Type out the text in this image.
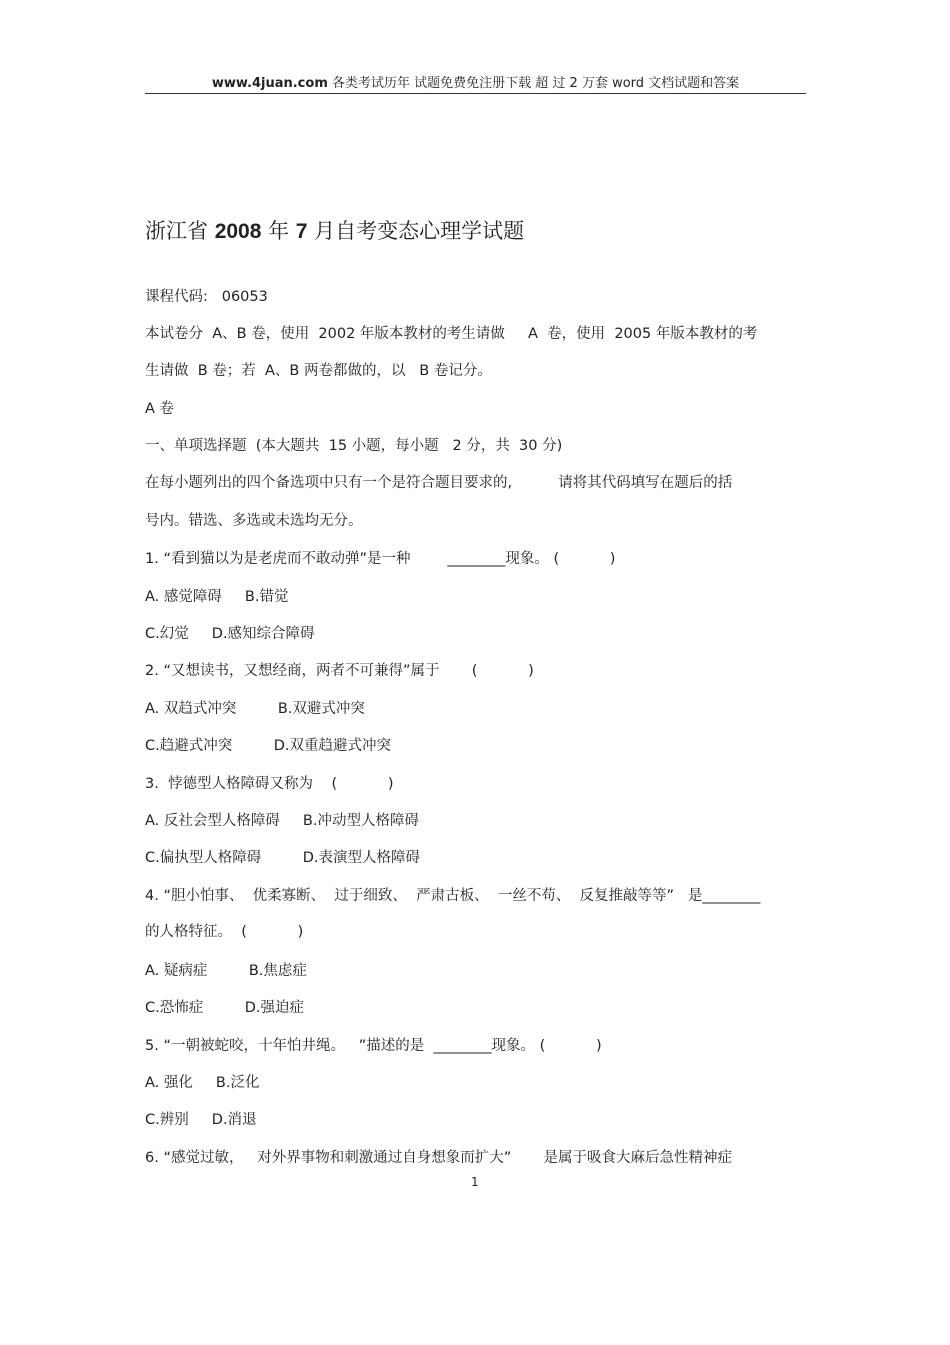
www.4juan.com 各类考试历年 试题免费免注册下载 超 过 2 万套 word 文档试题和答案
浙江省 2008 年 7 月自考变态心理学试题
课程代码:   06053
本试卷分  A、B 卷，使用  2002 年版本教材的考生请做     A  卷，使用  2005 年版本教材的考
生请做  B 卷；若  A、B 两卷都做的，以   B 卷记分。
A 卷
一、单项选择题  (本大题共  15 小题，每小题   2 分，共  30 分)
在每小题列出的四个备选项中只有一个是符合题目要求的,          请将其代码填写在题后的括
号内。错选、多选或未选均无分。
1. “看到猫以为是老虎而不敢动弹”是一种        ________现象。 (           )
A. 感觉障碍     B.错觉
C.幻觉     D.感知综合障碍
2. “又想读书，又想经商，两者不可兼得”属于       (           )
A. 双趋式冲突         B.双避式冲突
C.趋避式冲突         D.双重趋避式冲突
3.  悖德型人格障碍又称为    (           )
A. 反社会型人格障碍     B.冲动型人格障碍
C.偏执型人格障碍         D.表演型人格障碍
4. “胆小怕事、  优柔寡断、  过于细致、  严肃古板、  一丝不苟、  反复推敲等等”   是________
的人格特征。  (           )
A. 疑病症         B.焦虑症
C.恐怖症         D.强迫症
5. “一朝被蛇咬，十年怕井绳。   ”描述的是  ________现象。 (           )
A. 强化     B.泛化
C.辨别     D.消退
6. “感觉过敏，   对外界事物和刺激通过自身想象而扩大”       是属于吸食大麻后急性精神症
1
